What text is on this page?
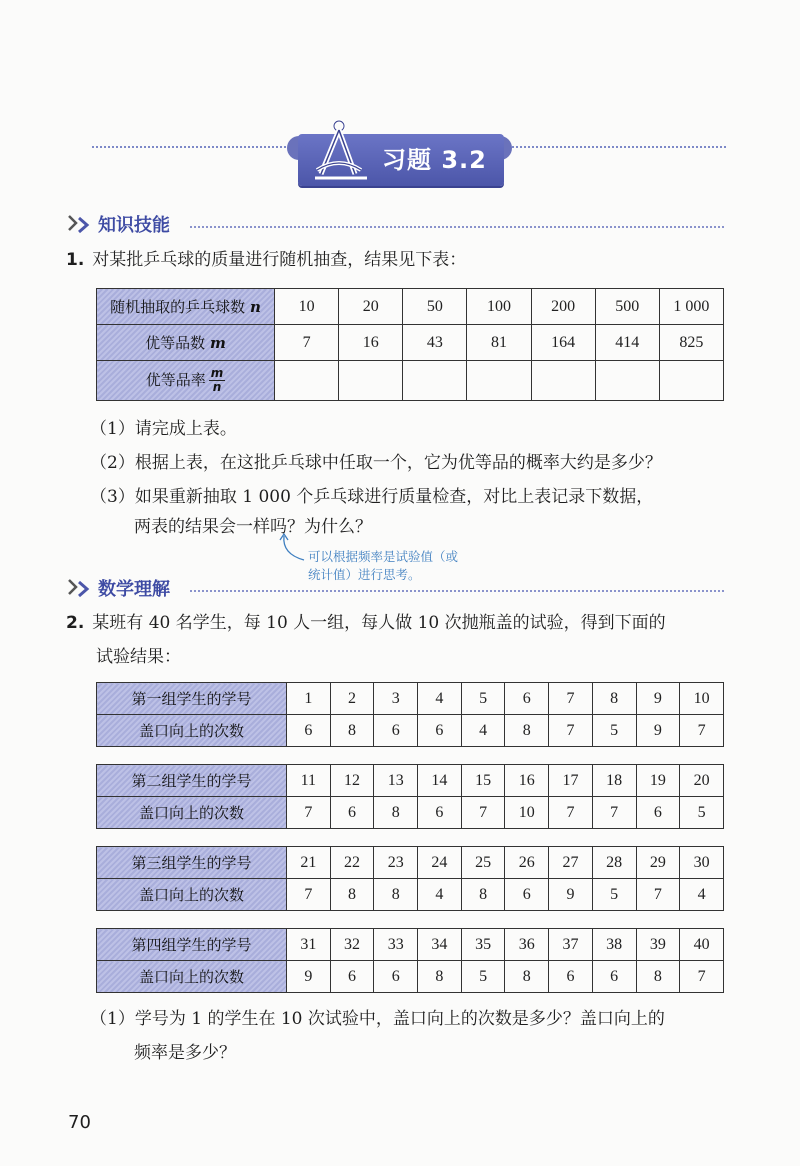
习题 3.2
知识技能
1. 对某批乒乓球的质量进行随机抽查，结果见下表：
随机抽取的乒乓球数 n	10	20	50	100	200	500	1 000
优等品数 m	7	16	43	81	164	414	825
优等品率 $\frac{m}{n}$

（1）请完成上表。
（2）根据上表，在这批乒乓球中任取一个，它为优等品的概率大约是多少？
（3）如果重新抽取 1 000 个乒乓球进行质量检查，对比上表记录下数据，
两表的结果会一样吗？为什么？
可以根据频率是试验值（或
统计值）进行思考。
数学理解
2. 某班有 40 名学生，每 10 人一组，每人做 10 次抛瓶盖的试验，得到下面的
试验结果：
第一组学生的学号	1	2	3	4	5	6	7	8	9	10
盖口向上的次数	6	8	6	6	4	8	7	5	9	7
第二组学生的学号	11	12	13	14	15	16	17	18	19	20
盖口向上的次数	7	6	8	6	7	10	7	7	6	5
第三组学生的学号	21	22	23	24	25	26	27	28	29	30
盖口向上的次数	7	8	8	4	8	6	9	5	7	4
第四组学生的学号	31	32	33	34	35	36	37	38	39	40
盖口向上的次数	9	6	6	8	5	8	6	6	8	7
（1）学号为 1 的学生在 10 次试验中，盖口向上的次数是多少？盖口向上的
频率是多少？
70
